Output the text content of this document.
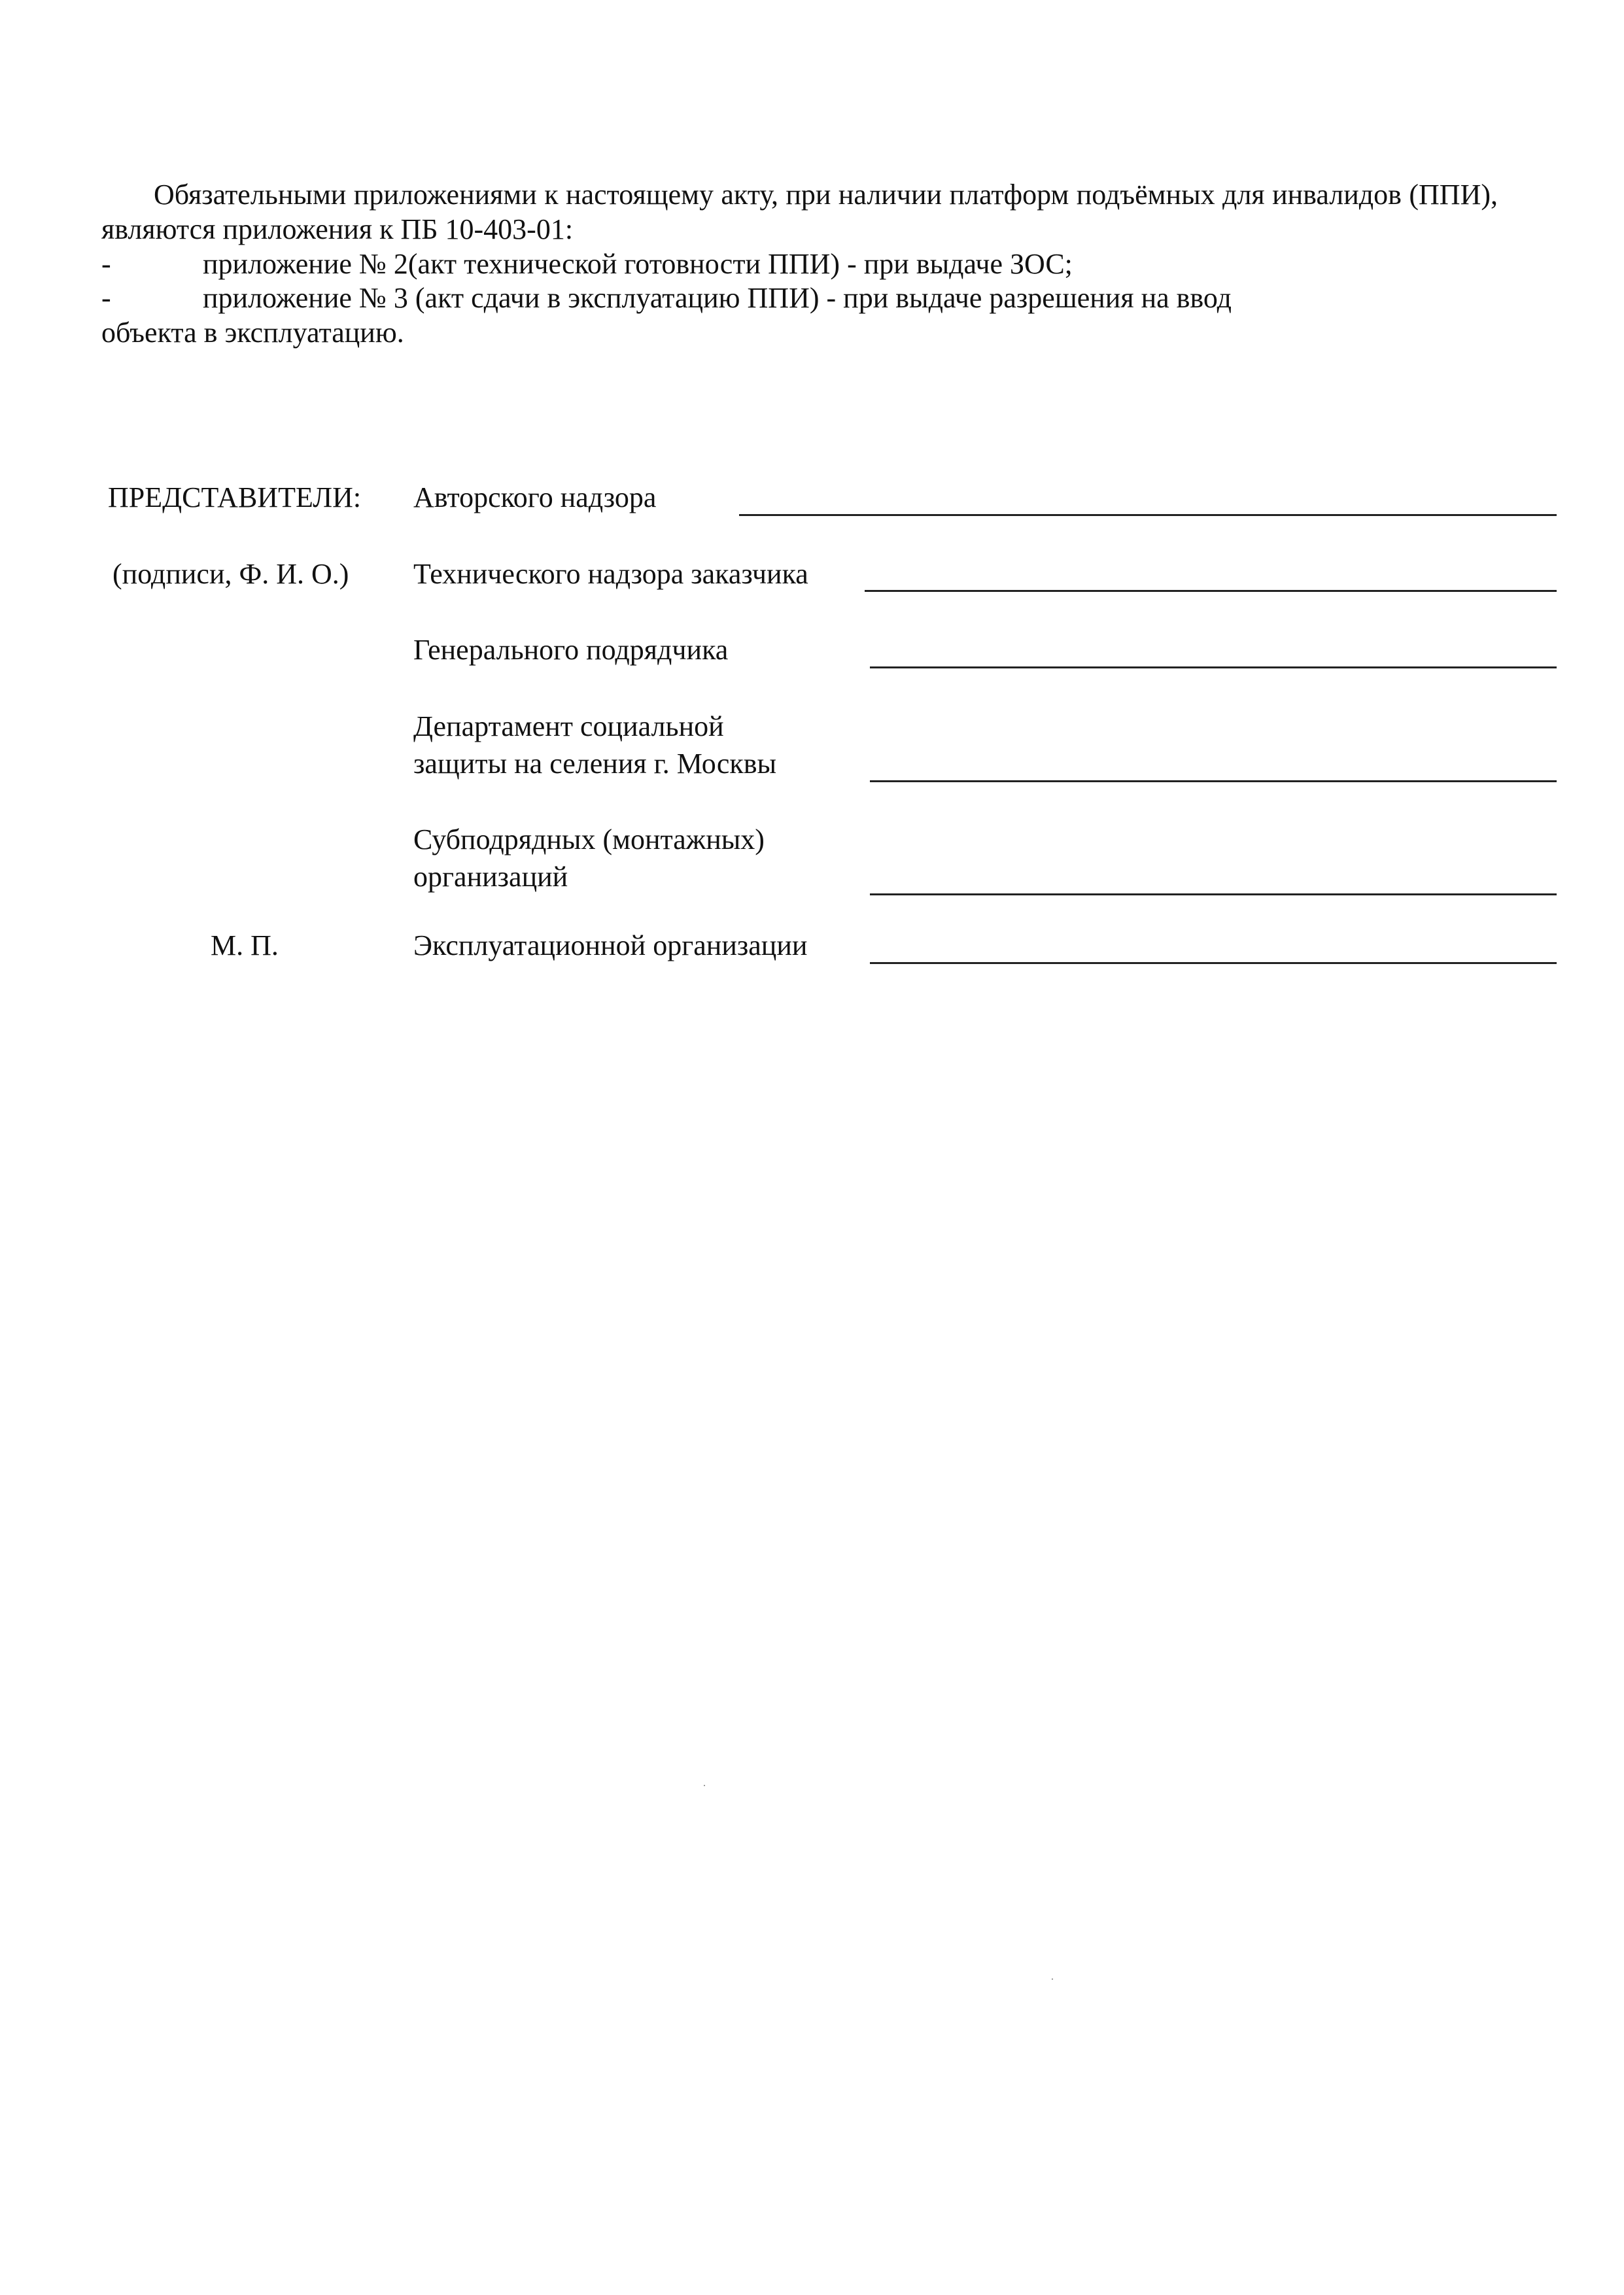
Обязательными приложениями к настоящему акту, при наличии платформ подъёмных для инвалидов (ППИ), являются приложения к ПБ 10-403-01:
-	приложение № 2(акт технической готовности ППИ) - при выдаче ЗОС;
-	приложение № 3 (акт сдачи в эксплуатацию ППИ) - при выдаче разрешения на ввод
объекта в эксплуатацию.
ПРЕДСТАВИТЕЛИ:
(подписи, Ф. И. О.)
М. П.
Авторского надзора
Технического надзора заказчика
Генерального подрядчика
Департамент социальной
защиты на селения г. Москвы
Субподрядных (монтажных)
организаций
Эксплуатационной организации
